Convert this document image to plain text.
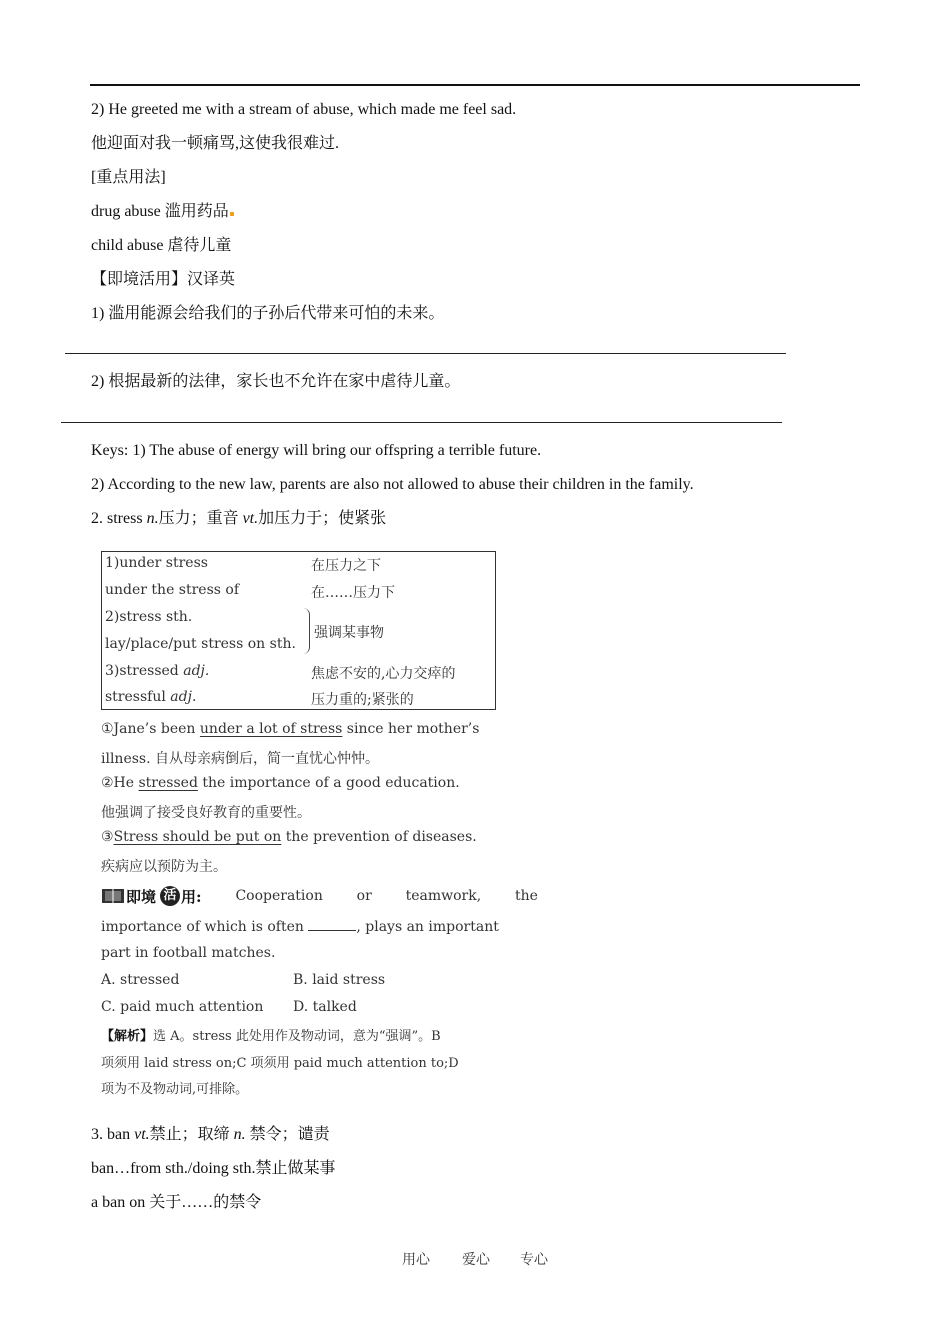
2) He greeted me with a stream of abuse, which made me feel sad.
他迎面对我一顿痛骂,这使我很难过.
[重点用法]
drug abuse 滥用药品
child abuse 虐待儿童
【即境活用】汉译英
1) 滥用能源会给我们的子孙后代带来可怕的未来。
2) 根据最新的法律，家长也不允许在家中虐待儿童。
Keys: 1) The abuse of energy will bring our offspring a terrible future.
2) According to the new law, parents are also not allowed to abuse their children in the family.
2. stress n.压力；重音 vt.加压力于；使紧张
1)under stress	在压力之下
under the stress of	在……压力下
2)stress sth.
lay/place/put stress on sth.
强调某事物
3)stressed adj.	焦虑不安的,心力交瘁的
stressful adj.	压力重的;紧张的
①Jane’s been under a lot of stress since her mother’s
illness. 自从母亲病倒后，简一直忧心忡忡。
②He stressed the importance of a good education.
他强调了接受良好教育的重要性。
③Stress should be put on the prevention of diseases.
疾病应以预防为主。
即境 活 用: Cooperation    or    teamwork,    the
importance of which is often	, plays an important
part in football matches.
A. stressed	B. laid stress
C. paid much attention D. talked
【解析】选 A。stress 此处用作及物动词，意为“强调”。B
项须用 laid stress on;C 项须用 paid much attention to;D
项为不及物动词,可排除。
3. ban vt.禁止；取缔 n. 禁令；谴责
ban…from sth./doing sth.禁止做某事
a ban on 关于……的禁令
用心 爱心 专心
